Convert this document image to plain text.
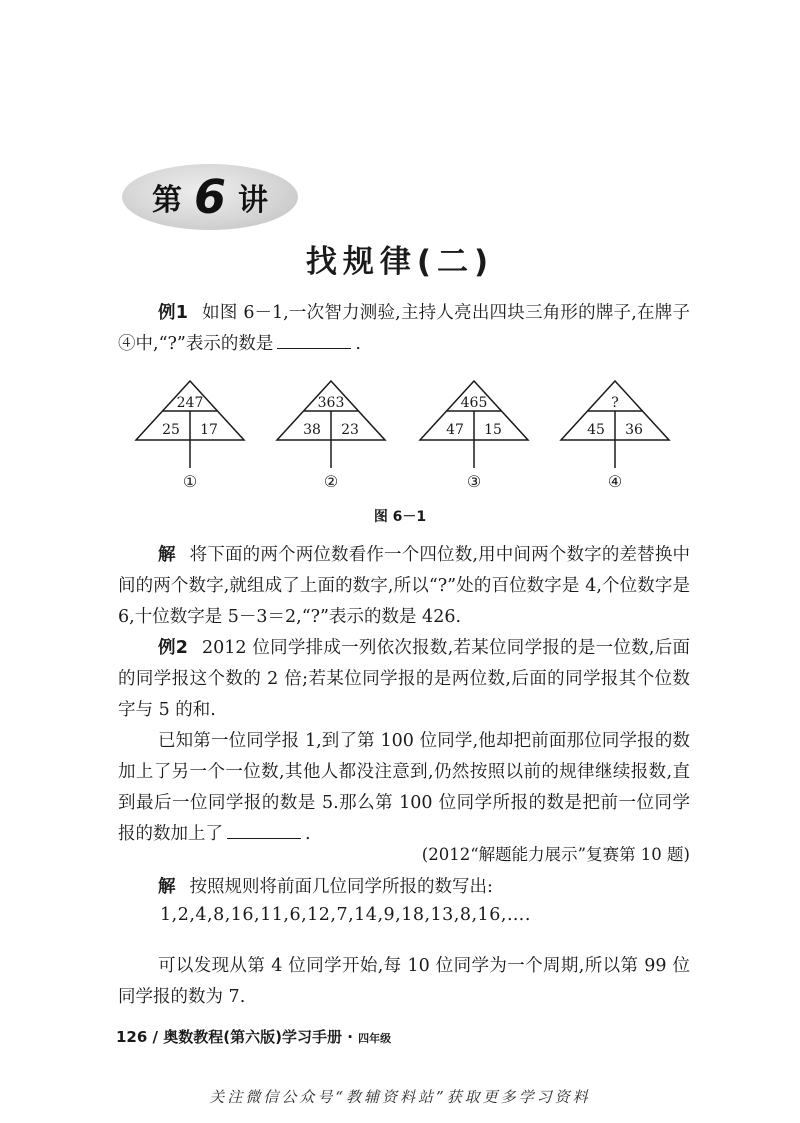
第 6 讲
找规律(二)

例1 如图 6－1,一次智力测验,主持人亮出四块三角形的牌子,在牌子④中,“?”表示的数是	.

247
25 17
①
363
38 23
②
465
47 15
③
?
45 36
④

图 6－1

解 将下面的两个两位数看作一个四位数,用中间两个数字的差替换中间的两个数字,就组成了上面的数字,所以“?”处的百位数字是 4,个位数字是 6,十位数字是 5－3＝2,“?”表示的数是 426.

例2 2012 位同学排成一列依次报数,若某位同学报的是一位数,后面的同学报这个数的 2 倍;若某位同学报的是两位数,后面的同学报其个位数字与 5 的和.

已知第一位同学报 1,到了第 100 位同学,他却把前面那位同学报的数加上了另一个一位数,其他人都没注意到,仍然按照以前的规律继续报数,直到最后一位同学报的数是 5.那么第 100 位同学所报的数是把前一位同学报的数加上了	.

(2012“解题能力展示”复赛第 10 题)

解 按照规则将前面几位同学所报的数写出:

1,2,4,8,16,11,6,12,7,14,9,18,13,8,16,….

可以发现从第 4 位同学开始,每 10 位同学为一个周期,所以第 99 位同学报的数为 7.

126 / 奥数教程(第六版)学习手册 · 四年级

关注微信公众号“教辅资料站”获取更多学习资料
